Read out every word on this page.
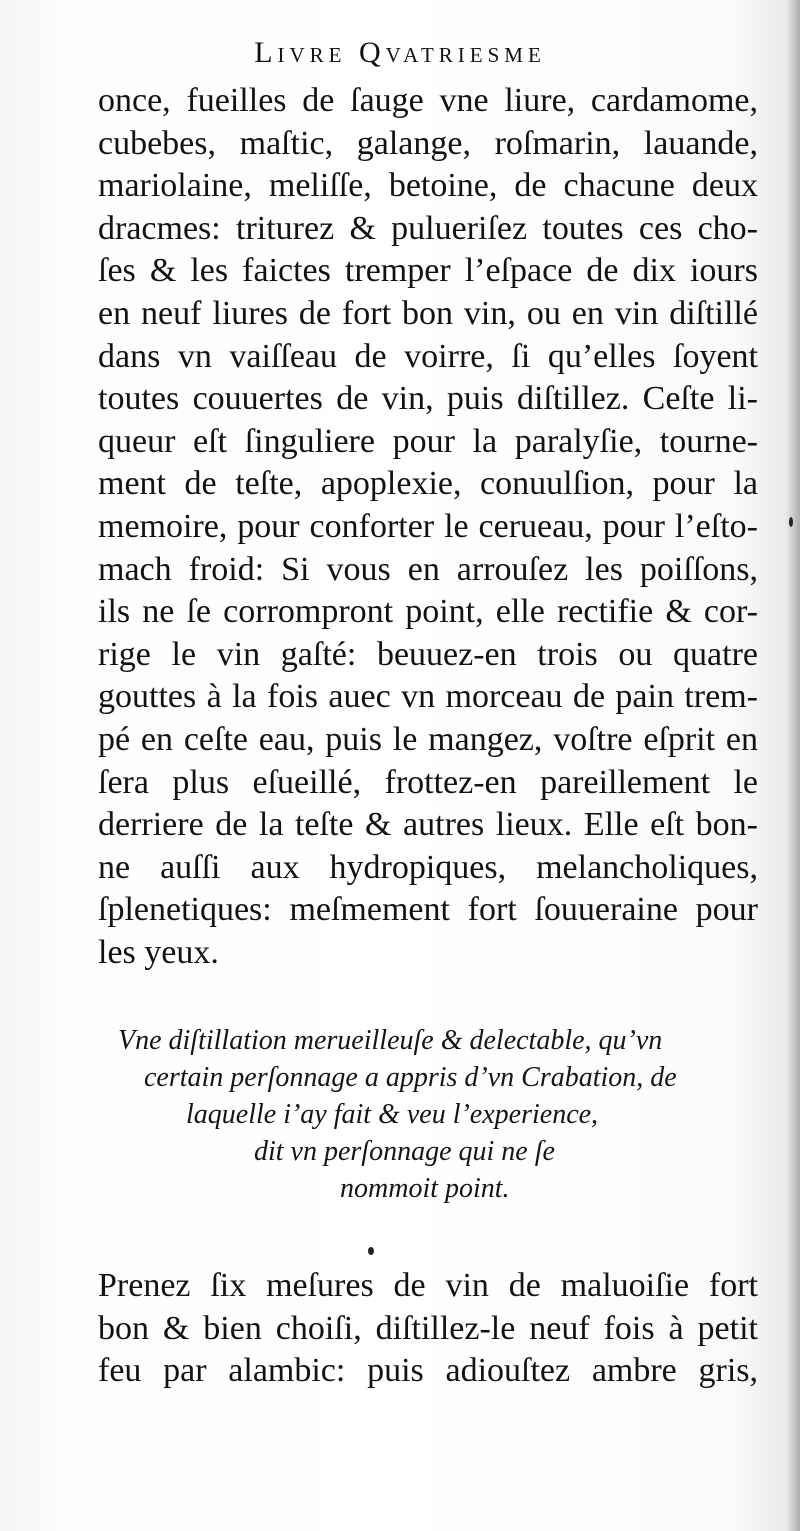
Livre Qvatriesme
once, fueilles de ſauge vne liure, cardamome,
cubebes, maſtic, galange, roſmarin, lauande,
mariolaine, meliſſe, betoine, de chacune deux
dracmes: triturez & pulueriſez toutes ces cho-
ſes & les faictes tremper l’eſpace de dix iours
en neuf liures de fort bon vin, ou en vin diſtillé
dans vn vaiſſeau de voirre, ſi qu’elles ſoyent
toutes couuertes de vin, puis diſtillez. Ceſte li-
queur eſt ſinguliere pour la paralyſie, tourne-
ment de teſte, apoplexie, conuulſion, pour la
memoire, pour conforter le cerueau, pour l’eſto-
mach froid: Si vous en arrouſez les poiſſons,
ils ne ſe corrompront point, elle rectifie & cor-
rige le vin gaſté: beuuez-en trois ou quatre
gouttes à la fois auec vn morceau de pain trem-
pé en ceſte eau, puis le mangez, voſtre eſprit en
ſera plus eſueillé, frottez-en pareillement le
derriere de la teſte & autres lieux. Elle eſt bon-
ne auſſi aux hydropiques, melancholiques,
ſplenetiques: meſmement fort ſouueraine pour
les yeux.
Vne diſtillation merueilleuſe & delectable, qu’vn
certain perſonnage a appris d’vn Crabation, de
laquelle i’ay fait & veu l’experience,
dit vn perſonnage qui ne ſe
nommoit point.
Prenez ſix meſures de vin de maluoiſie fort
bon & bien choiſi, diſtillez-le neuf fois à petit
feu par alambic: puis adiouſtez ambre gris,
